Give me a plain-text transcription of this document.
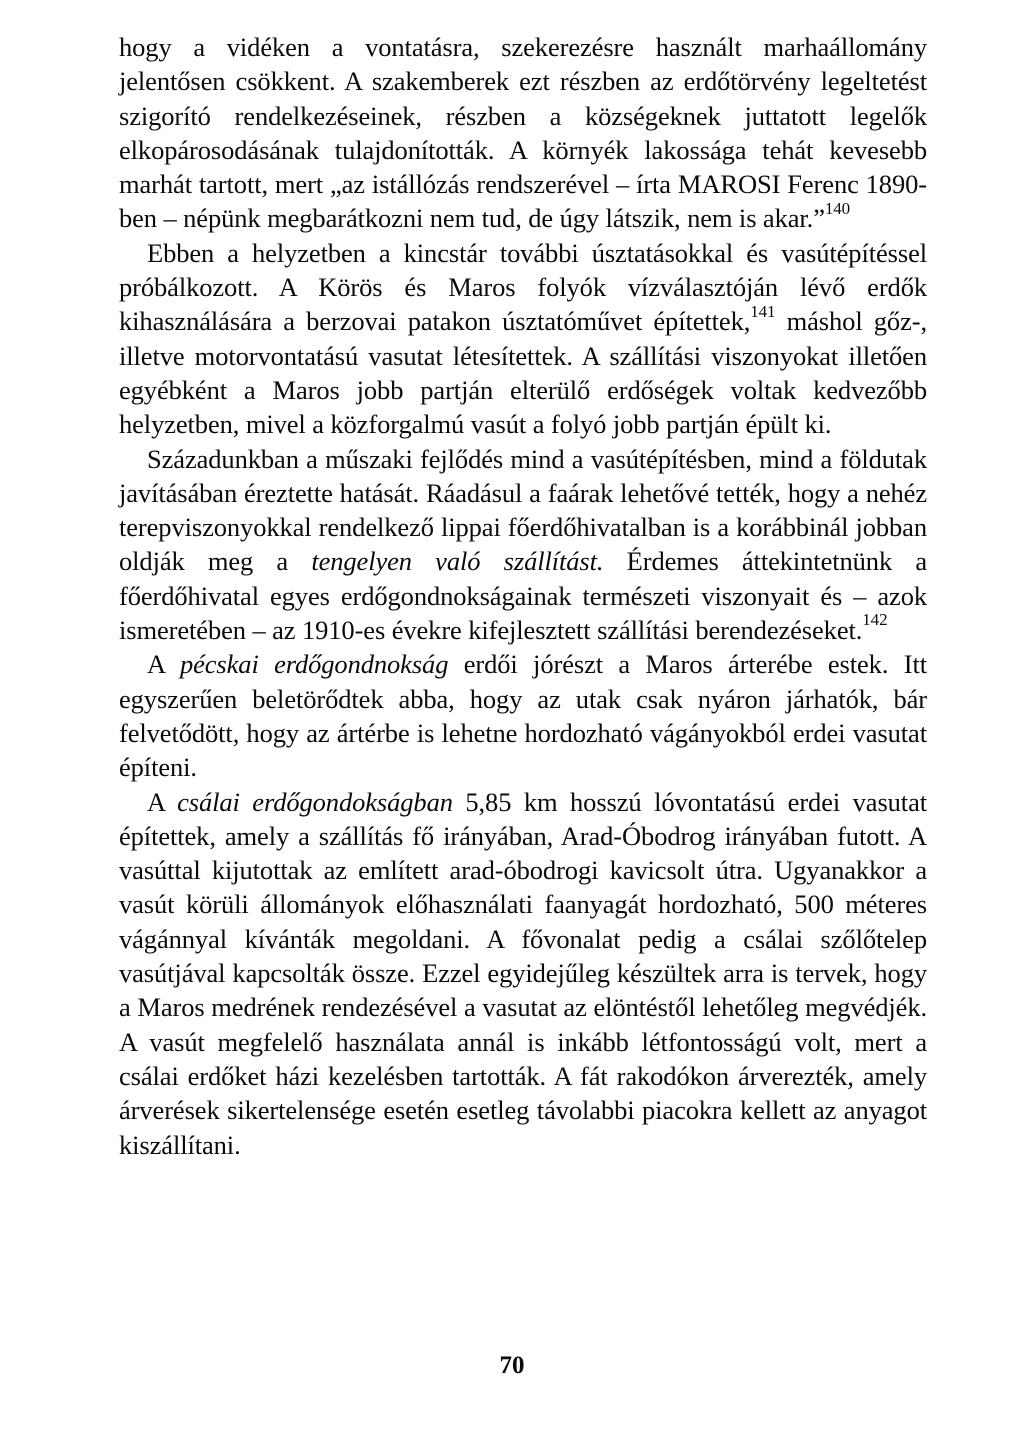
hogy a vidéken a vontatásra, szekerezésre használt marhaállomány jelentősen csökkent. A szakemberek ezt részben az erdőtörvény legeltetést szigorító rendelkezéseinek, részben a községeknek juttatott legelők elkopárosodásának tulajdonították. A környék lakossága tehát kevesebb marhát tartott, mert „az istállózás rendszerével – írta MAROSI Ferenc 1890-ben – népünk megbarátkozni nem tud, de úgy látszik, nem is akar.”$^{140}$

Ebben a helyzetben a kincstár további úsztatásokkal és vasútépítéssel próbálkozott. A Körös és Maros folyók vízválasztóján lévő erdők kihasználására a berzovai patakon úsztatóművet építettek,$^{141}$ máshol gőz-, illetve motorvontatású vasutat létesítettek. A szállítási viszonyokat illetően egyébként a Maros jobb partján elterülő erdőségek voltak kedvezőbb helyzetben, mivel a közforgalmú vasút a folyó jobb partján épült ki.

Századunkban a műszaki fejlődés mind a vasútépítésben, mind a földutak javításában éreztette hatását. Ráadásul a faárak lehetővé tették, hogy a nehéz terepviszonyokkal rendelkező lippai főerdőhivatalban is a korábbinál jobban oldják meg a tengelyen való szállítást. Érdemes áttekintetnünk a főerdőhivatal egyes erdőgondnokságainak természeti viszonyait és – azok ismeretében – az 1910-es évekre kifejlesztett szállítási berendezéseket.$^{142}$

A pécskai erdőgondnokság erdői jórészt a Maros árterébe estek. Itt egyszerűen beletörődtek abba, hogy az utak csak nyáron járhatók, bár felvetődött, hogy az ártérbe is lehetne hordozható vágányokból erdei vasutat építeni.

A csálai erdőgondokságban 5,85 km hosszú lóvontatású erdei vasutat építettek, amely a szállítás fő irányában, Arad-Óbodrog irányában futott. A vasúttal kijutottak az említett arad-óbodrogi kavicsolt útra. Ugyanakkor a vasút körüli állományok előhasználati faanyagát hordozható, 500 méteres vágánnyal kívánták megoldani. A fővonalat pedig a csálai szőlőtelep vasútjával kapcsolták össze. Ezzel egyidejűleg készültek arra is tervek, hogy a Maros medrének rendezésével a vasutat az elöntéstől lehetőleg megvédjék. A vasút megfelelő használata annál is inkább létfontosságú volt, mert a csálai erdőket házi kezelésben tartották. A fát rakodókon árverezték, amely árverések sikertelensége esetén esetleg távolabbi piacokra kellett az anyagot kiszállítani.

70
